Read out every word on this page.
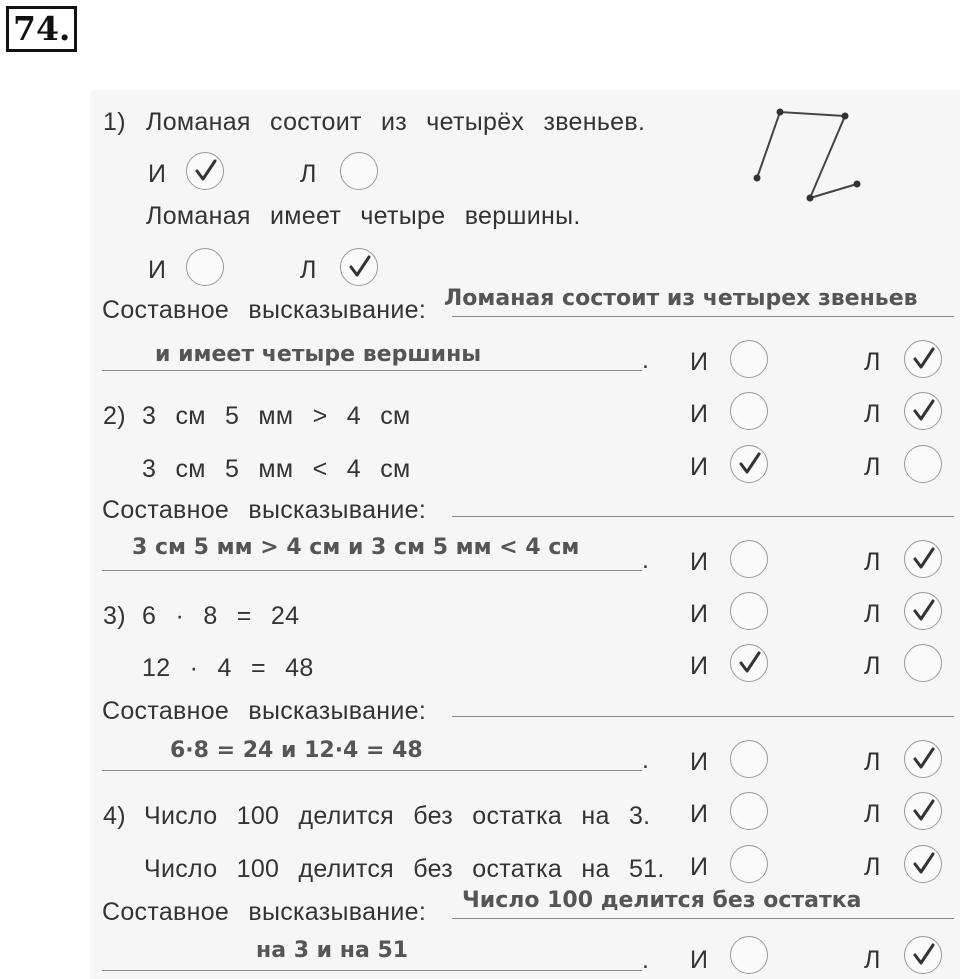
74.
1) Ломаная состоит из четырёх звеньев.
И	Л
Ломаная имеет четыре вершины.
И	Л
Составное высказывание: Ломаная состоит из четырех звеньев
и имеет четыре вершины	. И	Л
2) 3 см 5 мм > 4 см	И	Л
3 см 5 мм < 4 см	И	Л
Составное высказывание:
3 см 5 мм > 4 см и 3 см 5 мм < 4 см	. И	Л
3) 6 · 8 = 24	И	Л
12 · 4 = 48	И	Л
Составное высказывание:
6·8 = 24 и 12·4 = 48	. И	Л
4) Число 100 делится без остатка на 3. И	Л
Число 100 делится без остатка на 51. И	Л
Составное высказывание: Число 100 делится без остатка
на 3 и на 51	. И	Л
